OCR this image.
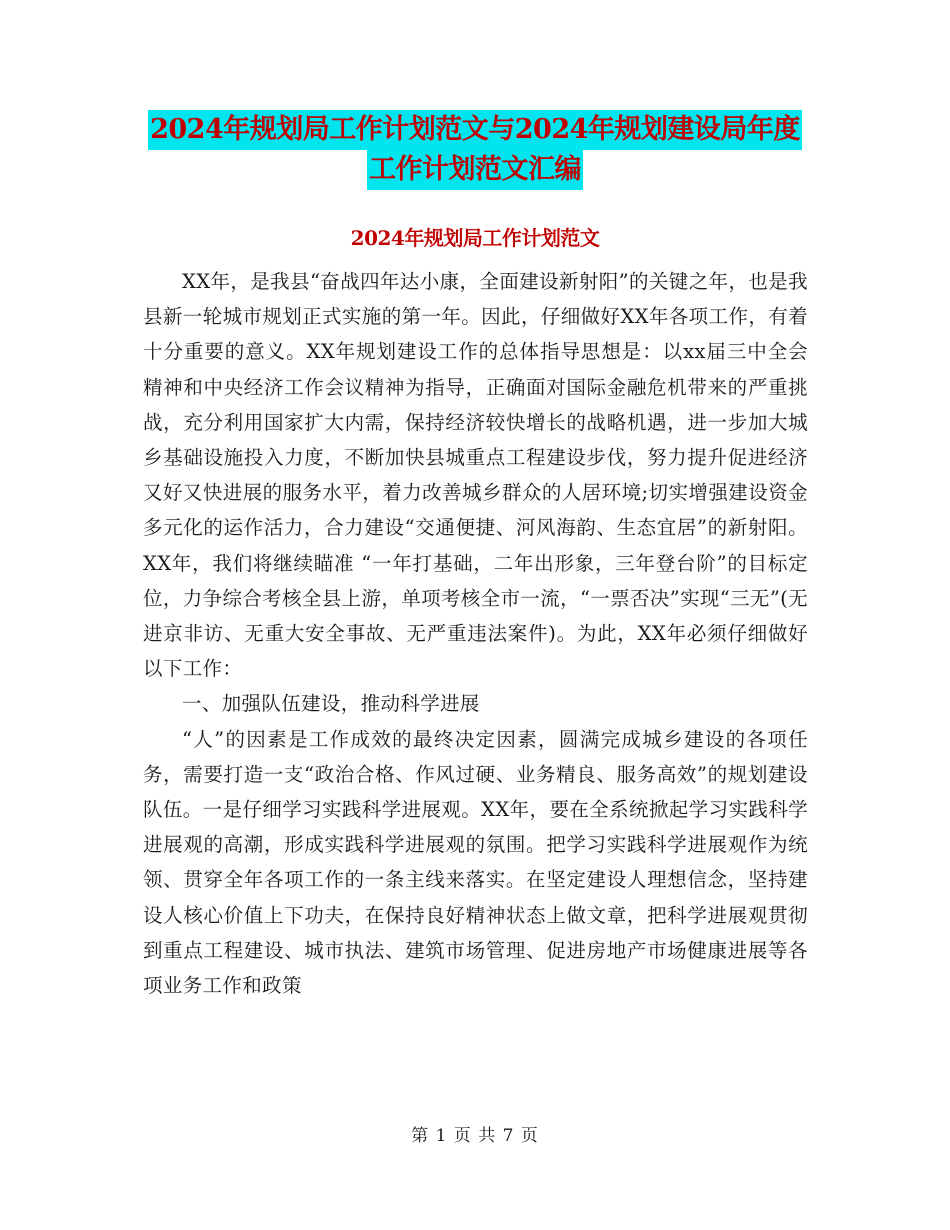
2024年规划局工作计划范文与2024年规划建设局年度
工作计划范文汇编
2024年规划局工作计划范文

XX年，是我县“奋战四年达小康，全面建设新射阳”的关键之年，也是我县新一轮城市规划正式实施的第一年。因此，仔细做好XX年各项工作，有着十分重要的意义。XX年规划建设工作的总体指导思想是：以xx届三中全会精神和中央经济工作会议精神为指导，正确面对国际金融危机带来的严重挑战，充分利用国家扩大内需，保持经济较快增长的战略机遇，进一步加大城乡基础设施投入力度，不断加快县城重点工程建设步伐，努力提升促进经济又好又快进展的服务水平，着力改善城乡群众的人居环境;切实增强建设资金多元化的运作活力，合力建设“交通便捷、河风海韵、生态宜居”的新射阳。XX年，我们将继续瞄准 “一年打基础，二年出形象，三年登台阶”的目标定位，力争综合考核全县上游，单项考核全市一流，“一票否决”实现“三无”(无进京非访、无重大安全事故、无严重违法案件)。为此，XX年必须仔细做好以下工作：

一、加强队伍建设，推动科学进展

“人”的因素是工作成效的最终决定因素，圆满完成城乡建设的各项任务，需要打造一支“政治合格、作风过硬、业务精良、服务高效”的规划建设队伍。一是仔细学习实践科学进展观。XX年，要在全系统掀起学习实践科学进展观的高潮，形成实践科学进展观的氛围。把学习实践科学进展观作为统领、贯穿全年各项工作的一条主线来落实。在坚定建设人理想信念，坚持建设人核心价值上下功夫，在保持良好精神状态上做文章，把科学进展观贯彻到重点工程建设、城市执法、建筑市场管理、促进房地产市场健康进展等各项业务工作和政策

第 1 页 共 7 页
